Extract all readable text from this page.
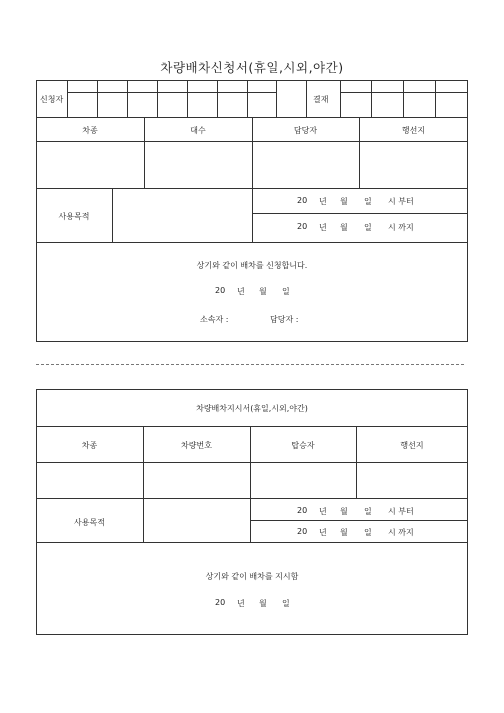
차량배차신청서(휴일,시외,야간)
신청자	결재
차종	대수	담당자	행선지
사용목적
20 년 월 일 시 부터
20 년 월 일 시 까지
상기와 같이 배차를 신청합니다.
20 년 월 일
소속자 :	담당자 :
차량배차지시서(휴일,시외,야간)
차종	차량번호	탑승자	행선지
사용목적
20 년 월 일 시 부터
20 년 월 일 시 까지
상기와 같이 배차를 지시함
20 년 월 일
